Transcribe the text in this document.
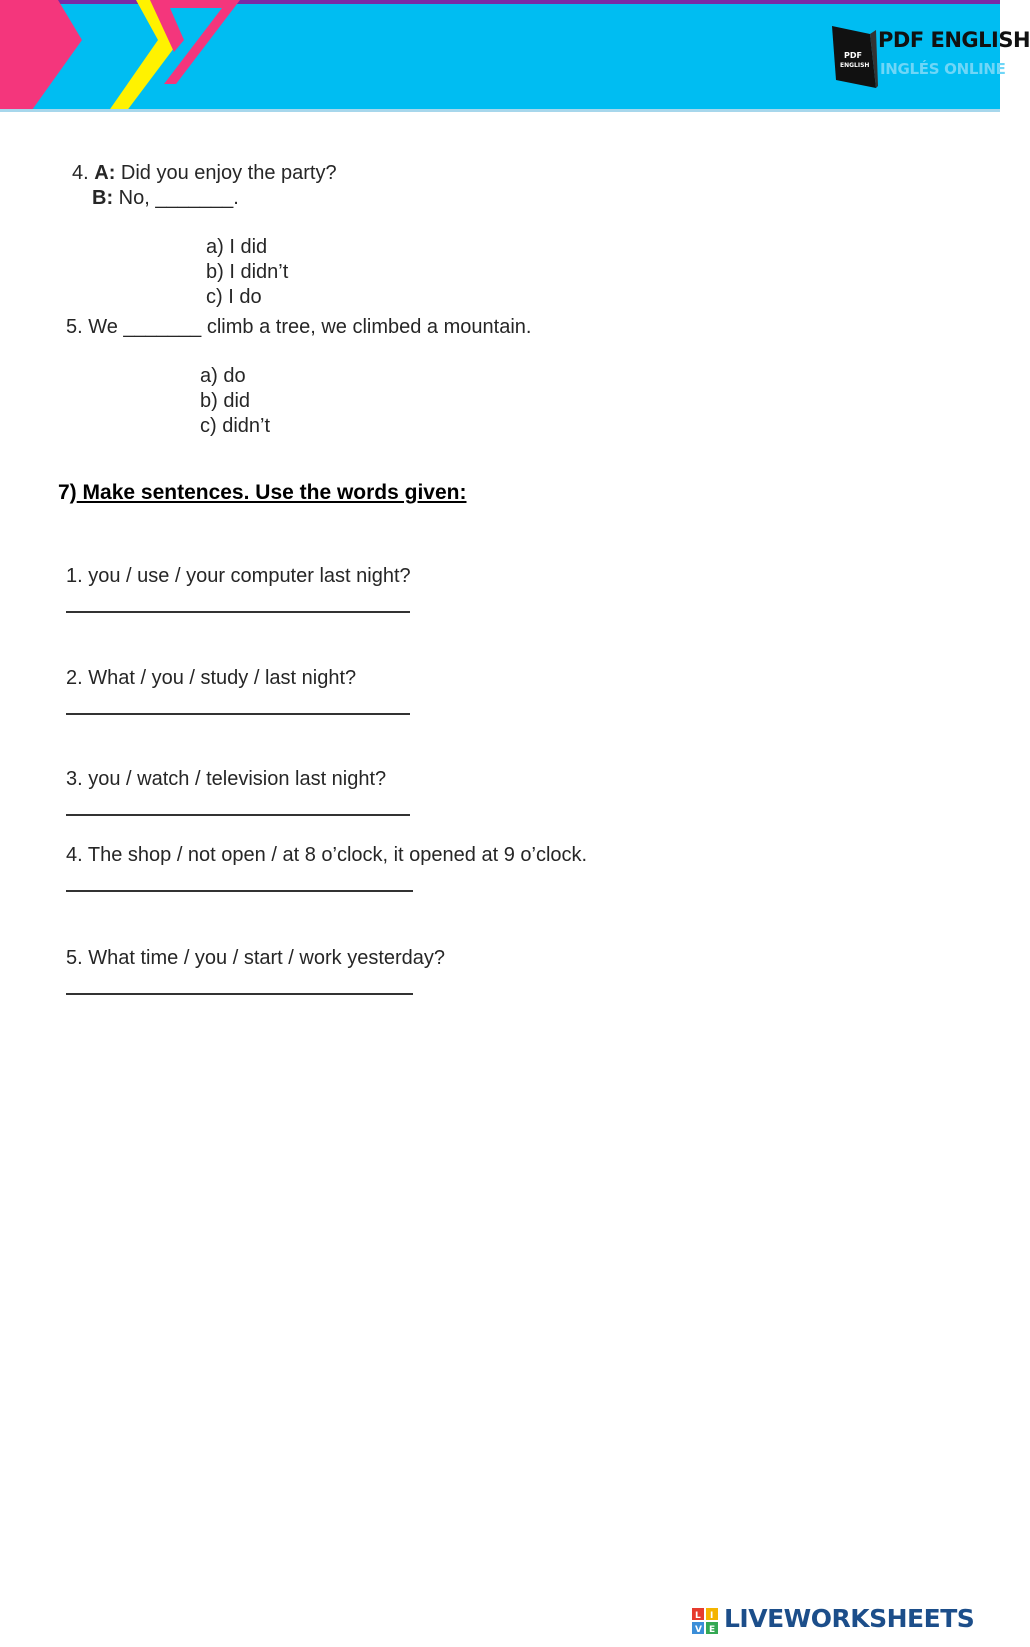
PDF
ENGLISH
PDF ENGLISH
INGLÉS ONLINE
4. A: Did you enjoy the party?
B: No, _______.
a) I did
b) I didn’t
c) I do
5. We _______ climb a tree, we climbed a mountain.
a) do
b) did
c) didn’t
7) Make sentences. Use the words given:
1. you / use / your computer last night?
2. What / you / study / last night?
3. you / watch / television last night?
4. The shop / not open / at 8 o’clock, it opened at 9 o’clock.
5. What time / you / start / work yesterday?
L I
V E LIVEWORKSHEETS
